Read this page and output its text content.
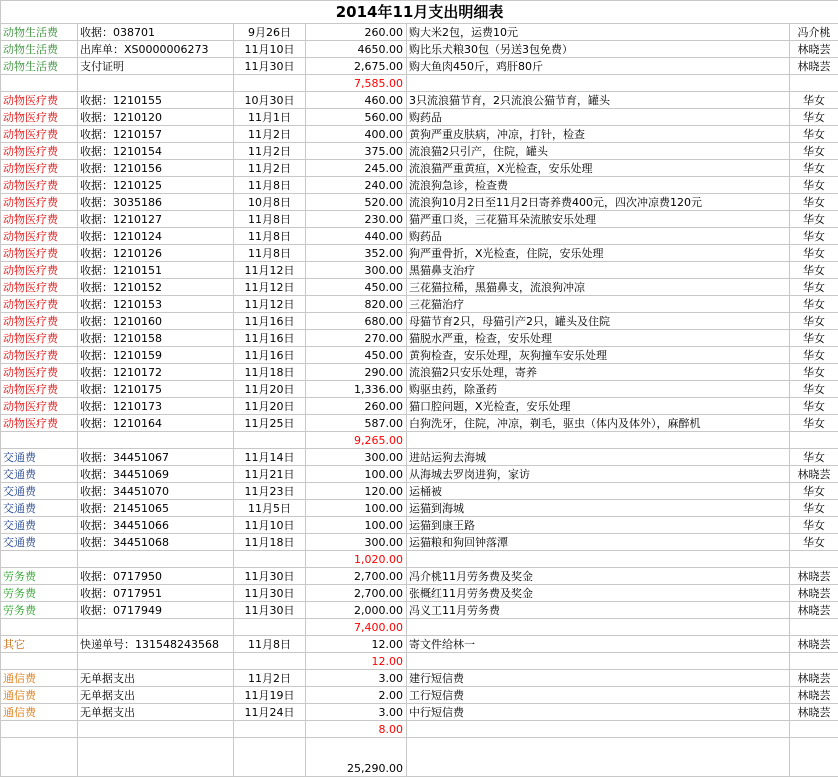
2014年11月支出明细表					
动物生活费	收据：038701	9月26日	260.00	购大米2包，运费10元	冯介桃
动物生活费	出库单：XS0000006273	11月10日	4650.00	购比乐犬粮30包（另送3包免费）	林晓芸
动物生活费	支付证明	11月30日	2,675.00	购大鱼肉450斤，鸡肝80斤	林晓芸
			7,585.00		
动物医疗费	收据：1210155	10月30日	460.00	3只流浪猫节育，2只流浪公猫节育，罐头	华女
动物医疗费	收据：1210120	11月1日	560.00	购药品	华女
动物医疗费	收据：1210157	11月2日	400.00	黄狗严重皮肤病，冲凉，打针，检查	华女
动物医疗费	收据：1210154	11月2日	375.00	流浪猫2只引产，住院，罐头	华女
动物医疗费	收据：1210156	11月2日	245.00	流浪猫严重黄疸，X光检查，安乐处理	华女
动物医疗费	收据：1210125	11月8日	240.00	流浪狗急诊，检查费	华女
动物医疗费	收据：3035186	10月8日	520.00	流浪狗10月2日至11月2日寄养费400元，四次冲凉费120元	华女
动物医疗费	收据：1210127	11月8日	230.00	猫严重口炎，三花猫耳朵流脓安乐处理	华女
动物医疗费	收据：1210124	11月8日	440.00	购药品	华女
动物医疗费	收据：1210126	11月8日	352.00	狗严重骨折，X光检查，住院，安乐处理	华女
动物医疗费	收据：1210151	11月12日	300.00	黑猫鼻支治疗	华女
动物医疗费	收据：1210152	11月12日	450.00	三花猫拉稀，黑猫鼻支，流浪狗冲凉	华女
动物医疗费	收据：1210153	11月12日	820.00	三花猫治疗	华女
动物医疗费	收据：1210160	11月16日	680.00	母猫节育2只，母猫引产2只，罐头及住院	华女
动物医疗费	收据：1210158	11月16日	270.00	猫脱水严重，检查，安乐处理	华女
动物医疗费	收据：1210159	11月16日	450.00	黄狗检查，安乐处理，灰狗撞车安乐处理	华女
动物医疗费	收据：1210172	11月18日	290.00	流浪猫2只安乐处理，寄养	华女
动物医疗费	收据：1210175	11月20日	1,336.00	购驱虫药，除蚤药	华女
动物医疗费	收据：1210173	11月20日	260.00	猫口腔问题，X光检查，安乐处理	华女
动物医疗费	收据：1210164	11月25日	587.00	白狗洗牙，住院，冲凉，剃毛，驱虫（体内及体外），麻醉机	华女
			9,265.00		
交通费	收据：34451067	11月14日	300.00	进站运狗去海城	华女
交通费	收据：34451069	11月21日	100.00	从海城去罗岗进狗，家访	林晓芸
交通费	收据：34451070	11月23日	120.00	运桶被	华女
交通费	收据：21451065	11月5日	100.00	运猫到海城	华女
交通费	收据：34451066	11月10日	100.00	运猫到康王路	华女
交通费	收据：34451068	11月18日	300.00	运猫粮和狗回钟落潭	华女
			1,020.00		
劳务费	收据：0717950	11月30日	2,700.00	冯介桃11月劳务费及奖金	林晓芸
劳务费	收据：0717951	11月30日	2,700.00	张概红11月劳务费及奖金	林晓芸
劳务费	收据：0717949	11月30日	2,000.00	冯义工11月劳务费	林晓芸
			7,400.00		
其它	快递单号：131548243568	11月8日	12.00	寄文件给林一	林晓芸
			12.00		
通信费	无单据支出	11月2日	3.00	建行短信费	林晓芸
通信费	无单据支出	11月19日	2.00	工行短信费	林晓芸
通信费	无单据支出	11月24日	3.00	中行短信费	林晓芸
			8.00		
			25,290.00		
